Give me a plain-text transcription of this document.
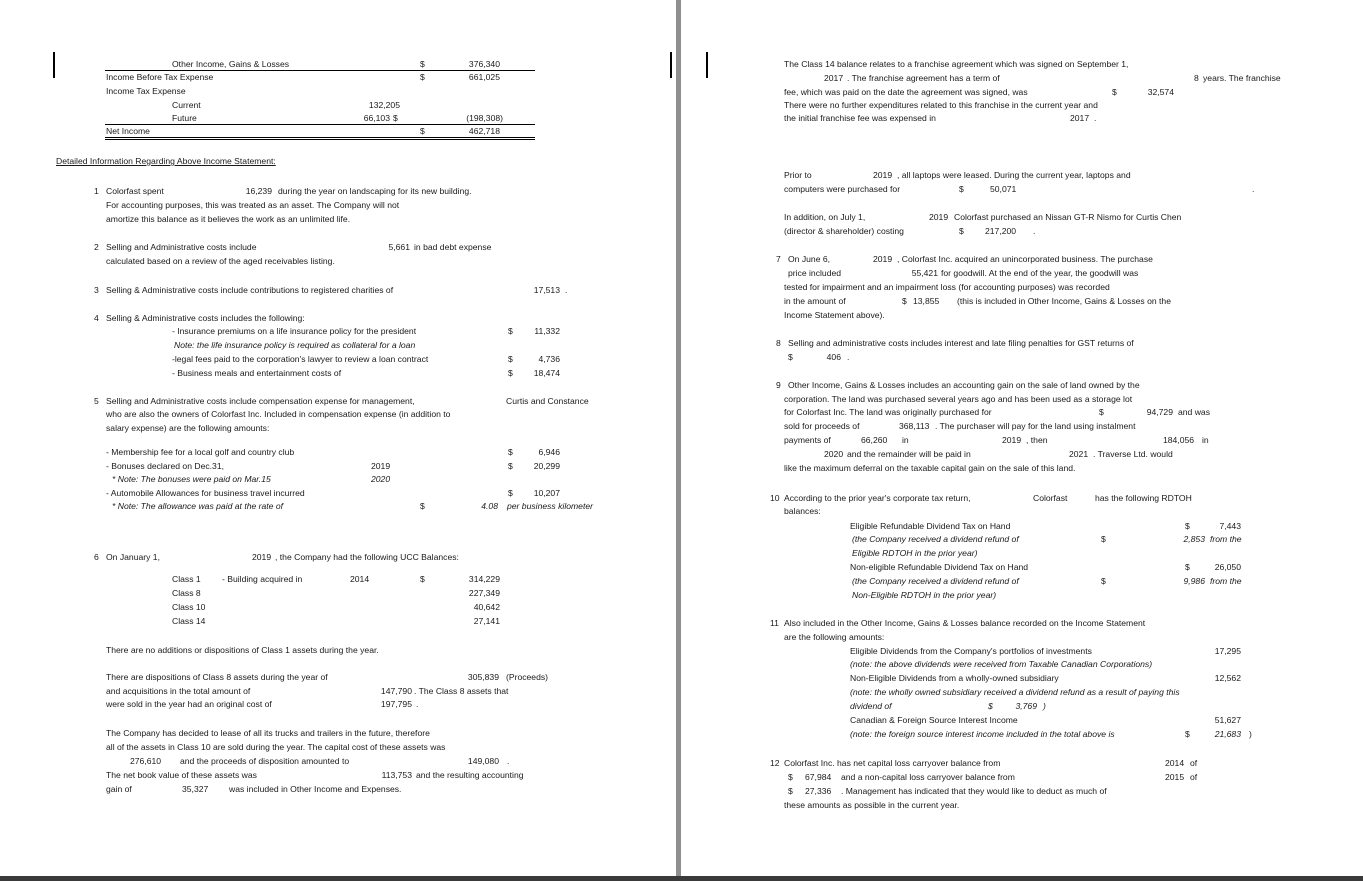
Other Income, Gains & Losses	$	376,340
Income Before Tax Expense	$	661,025
Income Tax Expense
Current	132,205
Future	66,103 $	(198,308)
Net Income	$	462,718
Detailed Information Regarding Above Income Statement:
1 Colorfast spent	16,239 during the year on landscaping for its new building.
For accounting purposes, this was treated as an asset. The Company will not
amortize this balance as it believes the work as an unlimited life.
2 Selling and Administrative costs include	5,661 in bad debt expense
calculated based on a review of the aged receivables listing.
3 Selling & Administrative costs include contributions to registered charities of	17,513 .
4 Selling & Administrative costs includes the following:
- Insurance premiums on a life insurance policy for the president	$	11,332
Note: the life insurance policy is required as collateral for a loan
-legal fees paid to the corporation's lawyer to review a loan contract	$	4,736
- Business meals and entertainment costs of	$	18,474
5 Selling and Administrative costs include compensation expense for management,	Curtis and Constance
who are also the owners of Colorfast Inc. Included in compensation expense (in addition to
salary expense) are the following amounts:
- Membership fee for a local golf and country club	$	6,946
- Bonuses declared on Dec.31,	2019	$	20,299
* Note: The bonuses were paid on Mar.15	2020
- Automobile Allowances for business travel incurred	$	10,207
* Note: The allowance was paid at the rate of	$	4.08 per business kilometer
6 On January 1,	2019 , the Company had the following UCC Balances:
There are no additions or dispositions of Class 1 assets during the year.
There are dispositions of Class 8 assets during the year of	305,839 (Proceeds)
and acquisitions in the total amount of	147,790 . The Class 8 assets that
were sold in the year had an original cost of	197,795 .
The Company has decided to lease of all its trucks and trailers in the future, therefore
all of the assets in Class 10 are sold during the year. The capital cost of these assets was
276,610 and the proceeds of disposition amounted to	149,080 .
The net book value of these assets was	113,753 and the resulting accounting
gain of	35,327 was included in Other Income and Expenses.
Class 1 - Building acquired in	2014	$	314,229
Class 8	227,349
Class 10	40,642
Class 14	27,141
The Class 14 balance relates to a franchise agreement which was signed on September 1,
2017 . The franchise agreement has a term of	8 years. The franchise
fee, which was paid on the date the agreement was signed, was	$	32,574
There were no further expenditures related to this franchise in the current year and
the initial franchise fee was expensed in	2017 .
Prior to	2019 , all laptops were leased. During the current year, laptops and
computers were purchased for	$	50,071	.
In addition, on July 1,	2019 Colorfast purchased an Nissan GT-R Nismo for Curtis Chen
(director & shareholder) costing	$ 217,200 .
7 On June 6,	2019 , Colorfast Inc. acquired an unincorporated business. The purchase
price included	55,421 for goodwill. At the end of the year, the goodwill was
tested for impairment and an impairment loss (for accounting purposes) was recorded
in the amount of	$ 13,855 (this is included in Other Income, Gains & Losses on the
Income Statement above).
8 Selling and administrative costs includes interest and late filing penalties for GST returns of
$	406 .
9 Other Income, Gains & Losses includes an accounting gain on the sale of land owned by the
corporation. The land was purchased several years ago and has been used as a storage lot
for Colorfast Inc. The land was originally purchased for	$	94,729 and was
sold for proceeds of	368,113 . The purchaser will pay for the land using instalment
payments of	66,260 in	2019 , then	184,056 in
2020 and the remainder will be paid in	2021 . Traverse Ltd. would
like the maximum deferral on the taxable capital gain on the sale of this land.
10 According to the prior year's corporate tax return,	Colorfast	has the following RDTOH
balances:
Eligible Refundable Dividend Tax on Hand	$	7,443
(the Company received a dividend refund of	$	2,853 from the
Eligible RDTOH in the prior year)
Non-eligible Refundable Dividend Tax on Hand	$	26,050
(the Company received a dividend refund of	$	9,986 from the
Non-Eligible RDTOH in the prior year)
11 Also included in the Other Income, Gains & Losses balance recorded on the Income Statement
are the following amounts:
Eligible Dividends from the Company's portfolios of investments	17,295
(note: the above dividends were received from Taxable Canadian Corporations)
Non-Eligible Dividends from a wholly-owned subsidiary	12,562
(note: the wholly owned subsidiary received a dividend refund as a result of paying this
dividend of	$	3,769 )
Canadian & Foreign Source Interest Income	51,627
(note: the foreign source interest income included in the total above is	$	21,683 )
12 Colorfast Inc. has net capital loss carryover balance from	2014 of
$ 67,984 and a non-capital loss carryover balance from	2015 of
$ 27,336 . Management has indicated that they would like to deduct as much of
these amounts as possible in the current year.
